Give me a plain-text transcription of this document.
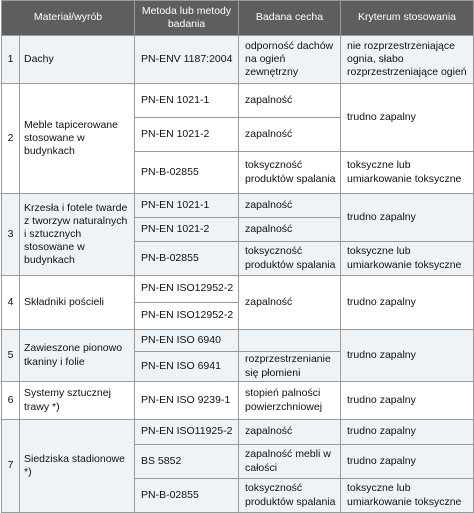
Materiał/wyrób		Metoda lub metody badania	Badana cecha	Kryterum stosowania
1	Dachy	PN-ENV 1187:2004	odporność dachów na ogień zewnętrzny	nie rozprzestrzeniające ognia, słabo rozprzestrzeniające ogień
2	Meble tapicerowane stosowane w budynkach	PN-EN 1021-1	zapalność	trudno zapalny
		PN-EN 1021-2	zapalność	
		PN-B-02855	toksyczność produktów spalania	toksyczne lub umiarkowanie toksyczne
3	Krzesła i fotele twarde z tworzyw naturalnych i sztucznych stosowane w budynkach	PN-EN 1021-1	zapalność	trudno zapalny
		PN-EN 1021-2	zapalność	
		PN-B-02855	toksyczność produktów spalania	toksyczne lub umiarkowanie toksyczne
4	Składniki pościeli	PN-EN ISO12952-2	zapalność	trudno zapalny
		PN-EN ISO12952-2		
5	Zawieszone pionowo tkaniny i folie	PN-EN ISO 6940		trudno zapalny
		PN-EN ISO 6941	rozprzestrzenianie się płomieni	
6	Systemy sztucznej trawy *)	PN-EN ISO 9239-1	stopień palności powierzchniowej	trudno zapalny
7	Siedziska stadionowe *)	PN-EN ISO11925-2	zapalność	trudno zapalny
		BS 5852	zapalność mebli w całości	trudno zapalny
		PN-B-02855	toksyczność produktów spalania	toksyczne lub umiarkowanie toksyczne
